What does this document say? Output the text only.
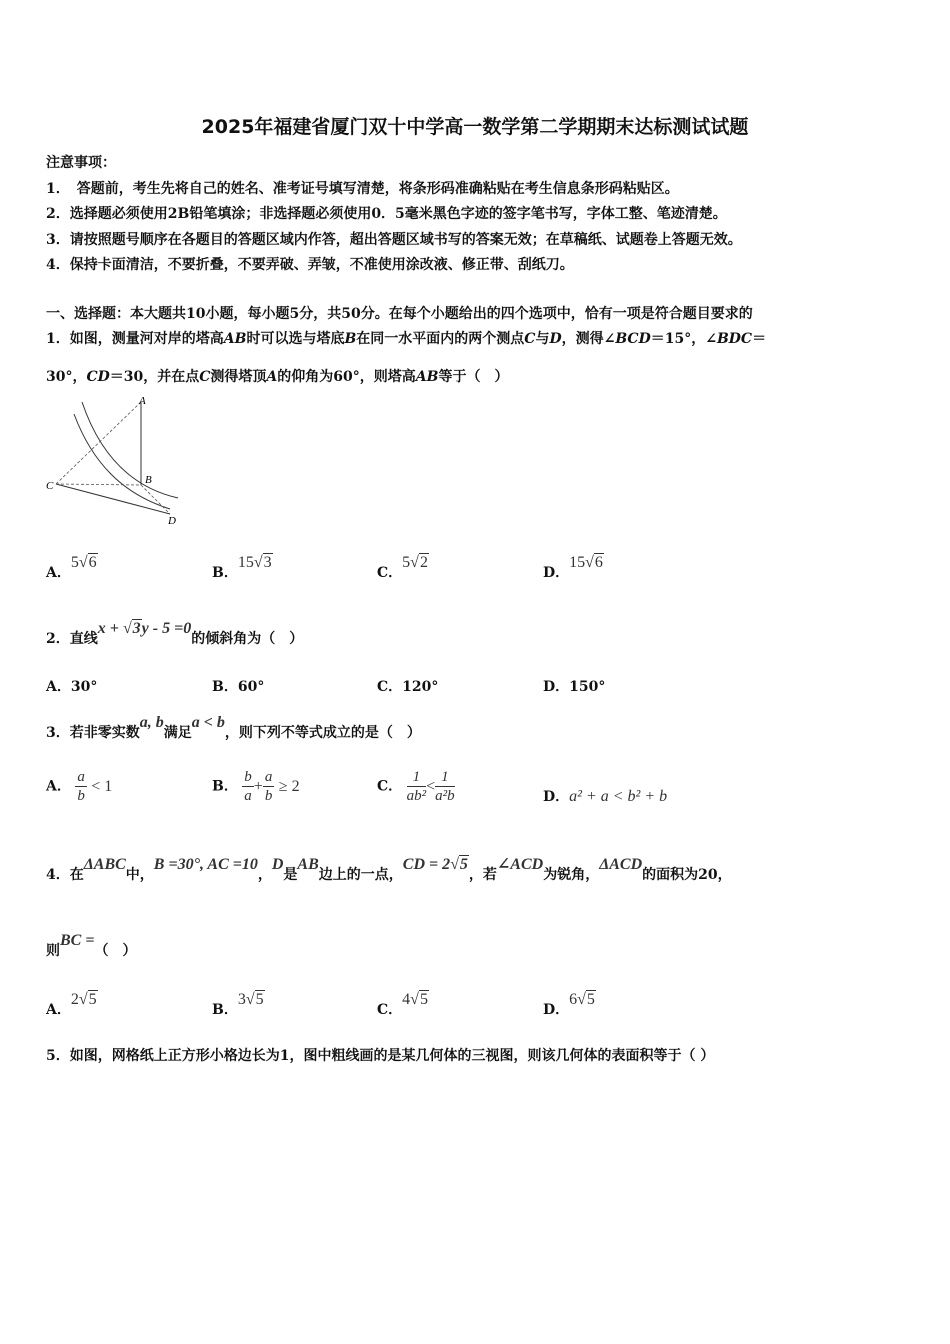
2025年福建省厦门双十中学高一数学第二学期期末达标测试试题
注意事项：
1．　答题前，考生先将自己的姓名、准考证号填写清楚，将条形码准确粘贴在考生信息条形码粘贴区。
2．选择题必须使用2B铅笔填涂；非选择题必须使用0．5毫米黑色字迹的签字笔书写，字体工整、笔迹清楚。
3．请按照题号顺序在各题目的答题区域内作答，超出答题区域书写的答案无效；在草稿纸、试题卷上答题无效。
4．保持卡面清洁，不要折叠，不要弄破、弄皱，不准使用涂改液、修正带、刮纸刀。
一、选择题：本大题共10小题，每小题5分，共50分。在每个小题给出的四个选项中，恰有一项是符合题目要求的
1．如图，测量河对岸的塔高AB时可以选与塔底B在同一水平面内的两个测点C与D，测得∠BCD＝15°，∠BDC＝
30°，CD＝30，并在点C测得塔顶A的仰角为60°，则塔高AB等于（　）
A
B
C
D
A．5√6
B．15√3
C．5√2
D．15√6
2．直线x + √3y - 5 =0的倾斜角为（　）
A．30°	B．60°	C．120°	D．150°
3．若非零实数a, b满足a < b，则下列不等式成立的是（　）
A． $\frac{a}{b} < 1$	B． $\frac{b}{a} + \frac{a}{b} \ge 2$	C． $\frac{1}{\text{ab²}} < \frac{1}{\text{a²b}}$	D．a² + a < b² + b
4．在ΔABC中，B =30°, AC =10，D是AB边上的一点，CD = 2√5，若∠ACD为锐角，ΔACD的面积为20，
则BC =（　）
A．2√5
B．3√5
C．4√5
D．6√5
5．如图，网格纸上正方形小格边长为1，图中粗线画的是某几何体的三视图，则该几何体的表面积等于（ ）
